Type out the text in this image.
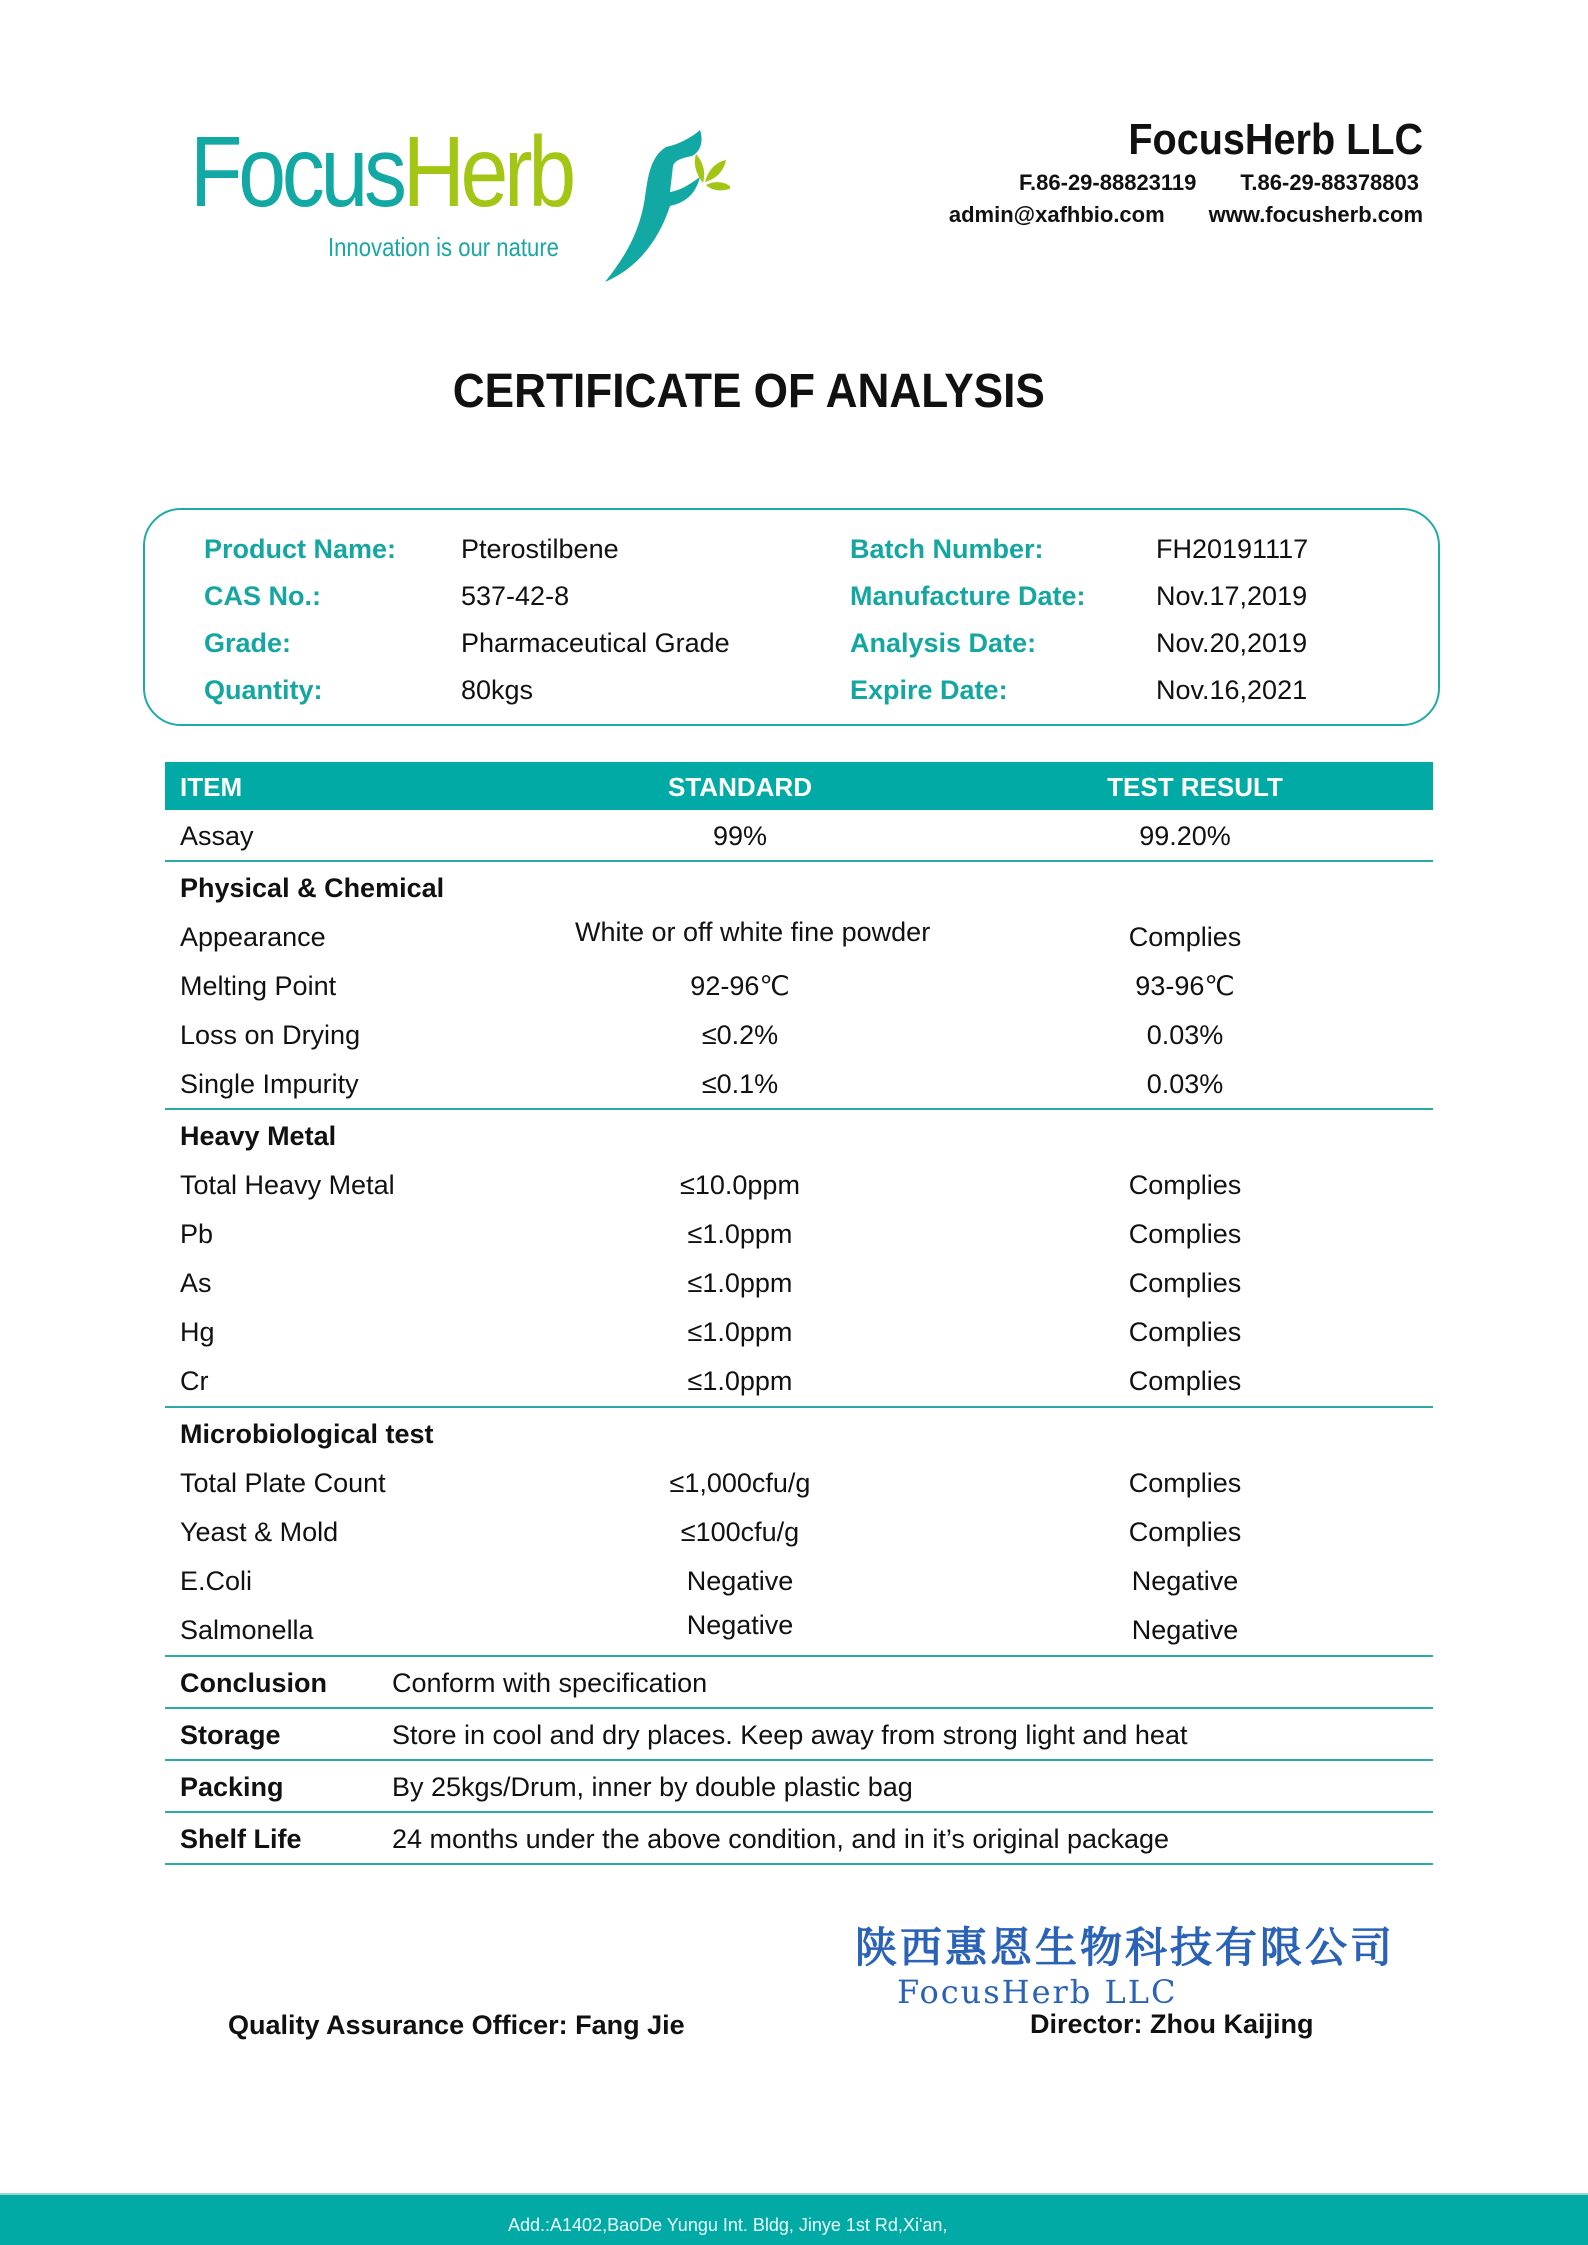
FocusHerb
Innovation is our nature
FocusHerb LLC
F.86-29-88823119 T.86-29-88378803
admin@xafhbio.com www.focusherb.com
CERTIFICATE OF ANALYSIS
Product Name: Pterostilbene
CAS No.:	537-42-8
Grade:	Pharmaceutical Grade
Quantity:	80kgs
Batch Number:	FH20191117
Manufacture Date:	Nov.17,2019
Analysis Date:	Nov.20,2019
Expire Date:	Nov.16,2021
ITEM	STANDARD	TEST RESULT
Assay	99%	99.20%
Physical & Chemical
Appearance	White or off white fine powder	Complies
Melting Point	92-96℃	93-96℃
Loss on Drying	≤0.2%	0.03%
Single Impurity	≤0.1%	0.03%
Heavy Metal
Total Heavy Metal	≤10.0ppm	Complies
Pb	≤1.0ppm	Complies
As	≤1.0ppm	Complies
Hg	≤1.0ppm	Complies
Cr	≤1.0ppm	Complies
Microbiological test
Total Plate Count	≤1,000cfu/g	Complies
Yeast & Mold	≤100cfu/g	Complies
E.Coli	Negative	Negative
Salmonella	Negative	Negative
Conclusion Conform with specification
Storage	Store in cool and dry places. Keep away from strong light and heat
Packing	By 25kgs/Drum, inner by double plastic bag
Shelf Life	24 months under the above condition, and in it’s original package
Quality Assurance Officer: Fang Jie
陕西惠恩生物科技有限公司
FocusHerb LLC
Director: Zhou Kaijing
Add.:A1402,BaoDe Yungu Int. Bldg, Jinye 1st Rd,Xi'an,
